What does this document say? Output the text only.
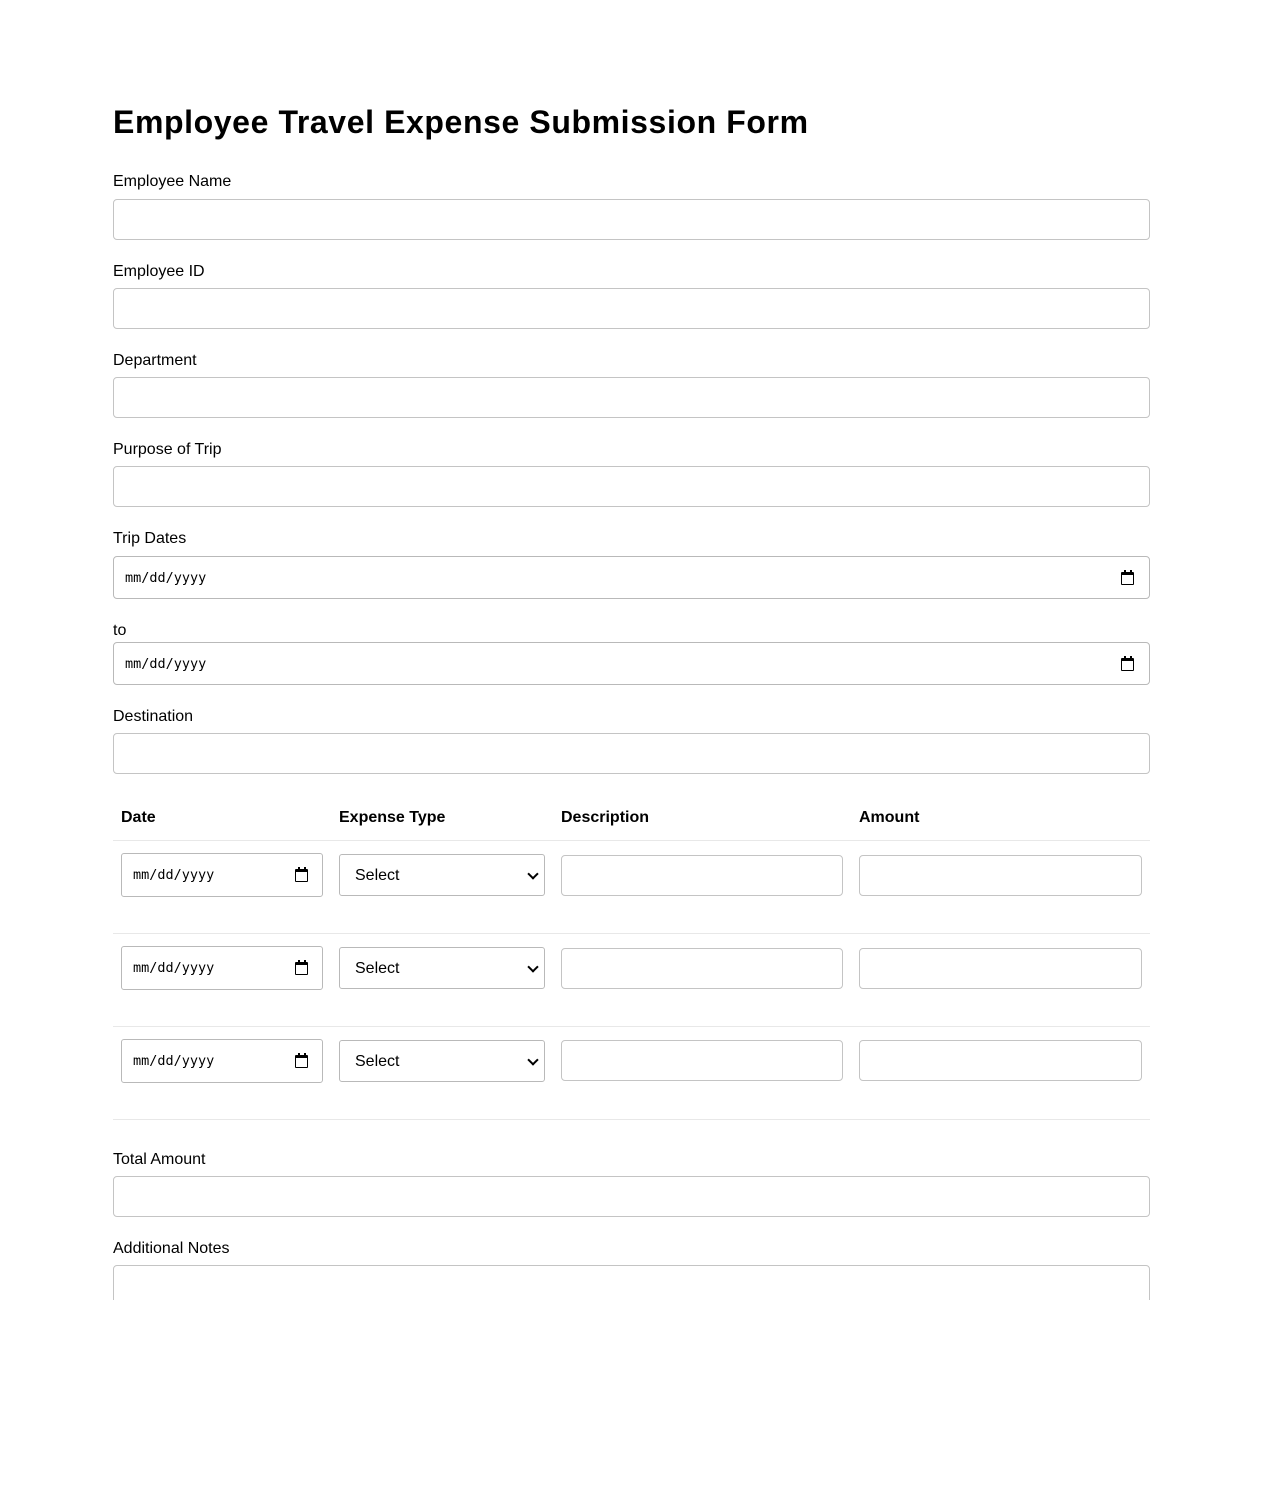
Employee Travel Expense Submission Form
Employee Name
Employee ID
Department
Purpose of Trip
Trip Dates
mm/dd/yyyy
to
mm/dd/yyyy
Destination
Date	Expense Type	Description	Amount
mm/dd/yyyy	Select
mm/dd/yyyy	Select
mm/dd/yyyy	Select
Total Amount
Additional Notes
